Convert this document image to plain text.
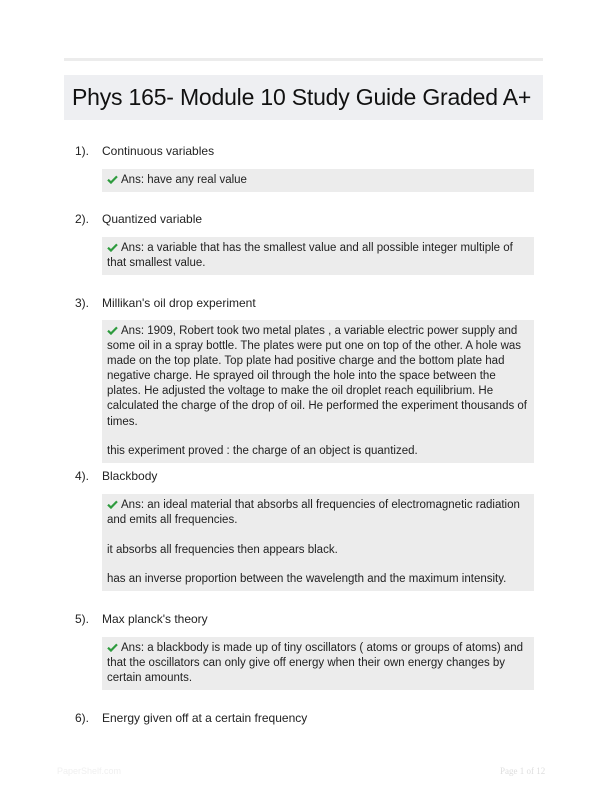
Phys 165- Module 10 Study Guide Graded A+
1). Continuous variables

Ans: have any real value

2). Quantized variable

Ans: a variable that has the smallest value and all possible integer multiple of that smallest value.

3). Millikan's oil drop experiment

Ans: 1909, Robert took two metal plates , a variable electric power supply and some oil in a spray bottle. The plates were put one on top of the other. A hole was made on the top plate. Top plate had positive charge and the bottom plate had negative charge. He sprayed oil through the hole into the space between the plates. He adjusted the voltage to make the oil droplet reach equilibrium. He calculated the charge of the drop of oil. He performed the experiment thousands of times.

this experiment proved : the charge of an object is quantized.

4). Blackbody

Ans: an ideal material that absorbs all frequencies of electromagnetic radiation and emits all frequencies.

it absorbs all frequencies then appears black.

has an inverse proportion between the wavelength and the maximum intensity.

5). Max planck's theory

Ans: a blackbody is made up of tiny oscillators ( atoms or groups of atoms) and that the oscillators can only give off energy when their own energy changes by certain amounts.

6). Energy given off at a certain frequency
PaperShelf.com	Page 1 of 12
